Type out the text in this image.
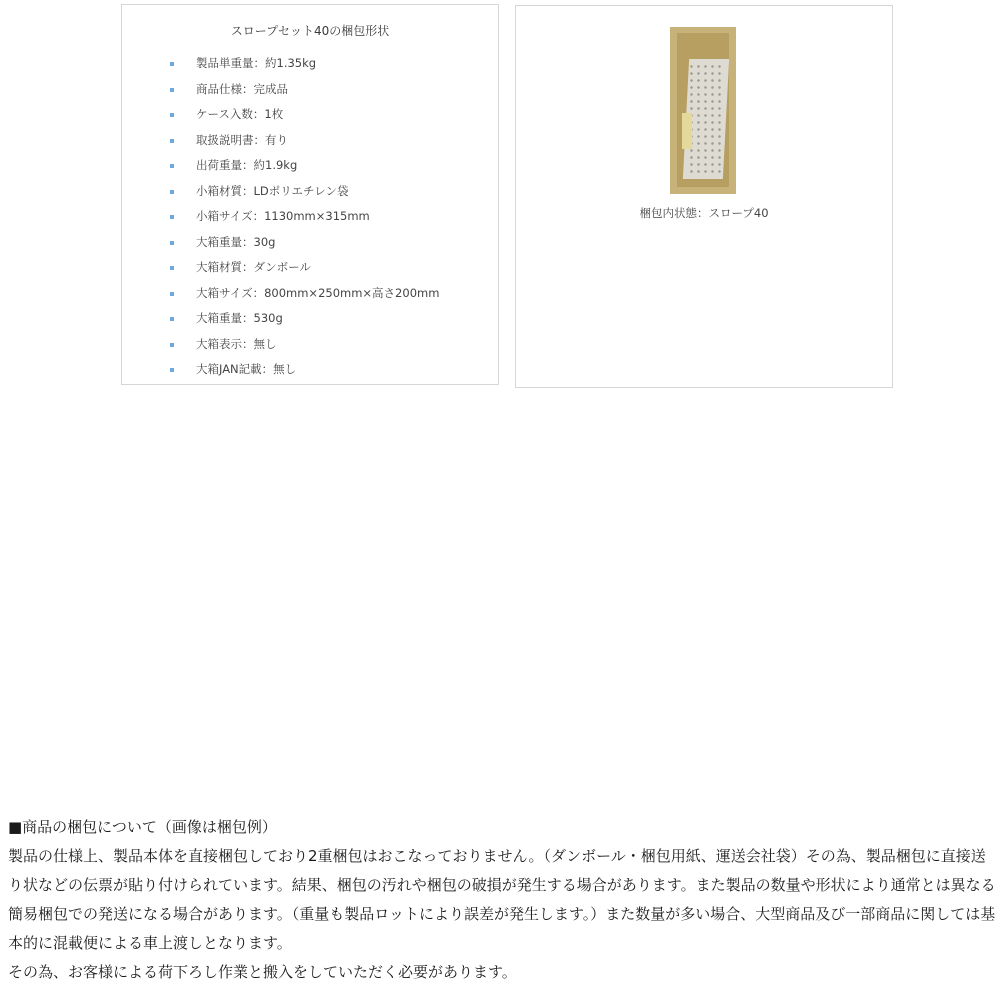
スロープセット40の梱包形状
製品単重量：約1.35kg
商品仕様：完成品
ケース入数：1枚
取扱説明書：有り
出荷重量：約1.9kg
小箱材質：LDポリエチレン袋
小箱サイズ：1130mm×315mm
大箱重量：30g
大箱材質：ダンボール
大箱サイズ：800mm×250mm×高さ200mm
大箱重量：530g
大箱表示：無し
大箱JAN記載：無し
梱包内状態：スロープ40

■商品の梱包について（画像は梱包例）

製品の仕様上、製品本体を直接梱包しており2重梱包はおこなっておりません。（ダンボール・梱包用紙、運送会社袋）その為、製品梱包に直接送り状などの伝票が貼り付けられています。結果、梱包の汚れや梱包の破損が発生する場合があります。また製品の数量や形状により通常とは異なる簡易梱包での発送になる場合があります。（重量も製品ロットにより誤差が発生します。）また数量が多い場合、大型商品及び一部商品に関しては基本的に混載便による車上渡しとなります。

その為、お客様による荷下ろし作業と搬入をしていただく必要があります。
